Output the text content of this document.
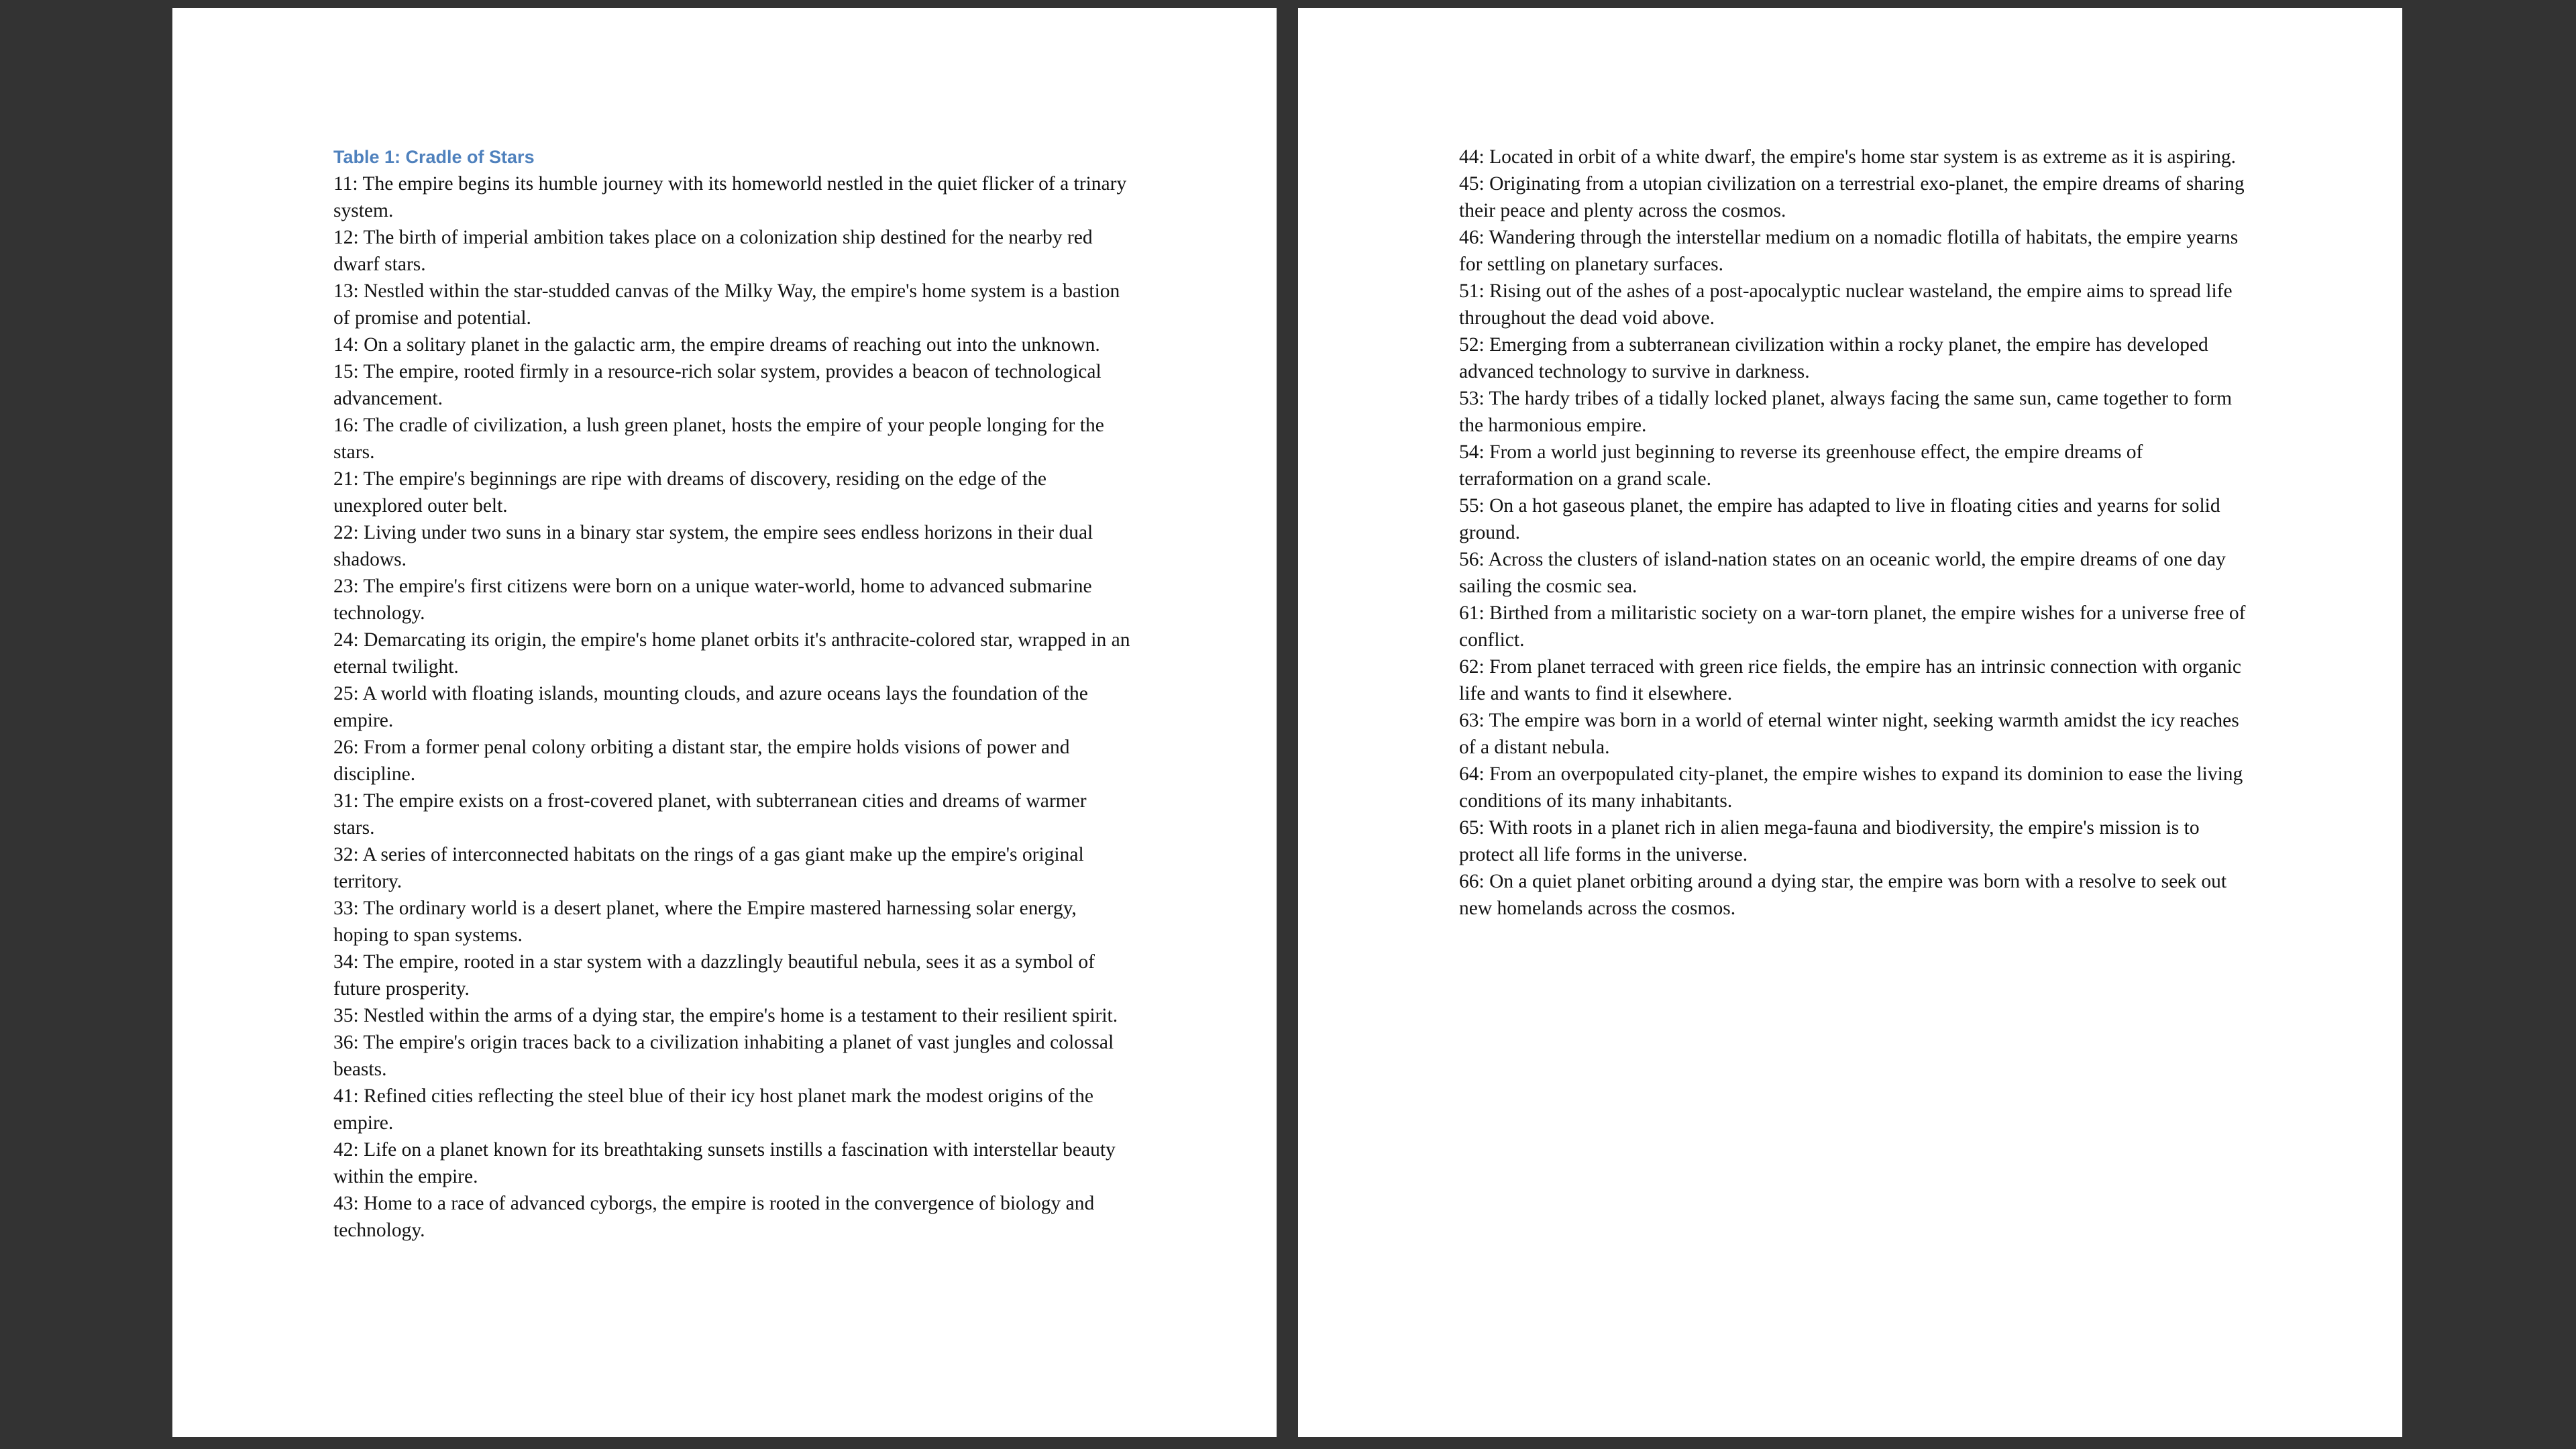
Table 1: Cradle of Stars

11: The empire begins its humble journey with its homeworld nestled in the quiet flicker of a trinary system.

12: The birth of imperial ambition takes place on a colonization ship destined for the nearby red dwarf stars.

13: Nestled within the star-studded canvas of the Milky Way, the empire's home system is a bastion of promise and potential.

14: On a solitary planet in the galactic arm, the empire dreams of reaching out into the unknown.

15: The empire, rooted firmly in a resource-rich solar system, provides a beacon of technological advancement.

16: The cradle of civilization, a lush green planet, hosts the empire of your people longing for the stars.

21: The empire's beginnings are ripe with dreams of discovery, residing on the edge of the unexplored outer belt.

22: Living under two suns in a binary star system, the empire sees endless horizons in their dual shadows.

23: The empire's first citizens were born on a unique water-world, home to advanced submarine technology.

24: Demarcating its origin, the empire's home planet orbits it's anthracite-colored star, wrapped in an eternal twilight.

25: A world with floating islands, mounting clouds, and azure oceans lays the foundation of the empire.

26: From a former penal colony orbiting a distant star, the empire holds visions of power and discipline.

31: The empire exists on a frost-covered planet, with subterranean cities and dreams of warmer stars.

32: A series of interconnected habitats on the rings of a gas giant make up the empire's original territory.

33: The ordinary world is a desert planet, where the Empire mastered harnessing solar energy, hoping to span systems.

34: The empire, rooted in a star system with a dazzlingly beautiful nebula, sees it as a symbol of future prosperity.

35: Nestled within the arms of a dying star, the empire's home is a testament to their resilient spirit.

36: The empire's origin traces back to a civilization inhabiting a planet of vast jungles and colossal beasts.

41: Refined cities reflecting the steel blue of their icy host planet mark the modest origins of the empire.

42: Life on a planet known for its breathtaking sunsets instills a fascination with interstellar beauty within the empire.

43: Home to a race of advanced cyborgs, the empire is rooted in the convergence of biology and technology.

44: Located in orbit of a white dwarf, the empire's home star system is as extreme as it is aspiring.

45: Originating from a utopian civilization on a terrestrial exo-planet, the empire dreams of sharing their peace and plenty across the cosmos.

46: Wandering through the interstellar medium on a nomadic flotilla of habitats, the empire yearns for settling on planetary surfaces.

51: Rising out of the ashes of a post-apocalyptic nuclear wasteland, the empire aims to spread life throughout the dead void above.

52: Emerging from a subterranean civilization within a rocky planet, the empire has developed advanced technology to survive in darkness.

53: The hardy tribes of a tidally locked planet, always facing the same sun, came together to form the harmonious empire.

54: From a world just beginning to reverse its greenhouse effect, the empire dreams of terraformation on a grand scale.

55: On a hot gaseous planet, the empire has adapted to live in floating cities and yearns for solid ground.

56: Across the clusters of island-nation states on an oceanic world, the empire dreams of one day sailing the cosmic sea.

61: Birthed from a militaristic society on a war-torn planet, the empire wishes for a universe free of conflict.

62: From planet terraced with green rice fields, the empire has an intrinsic connection with organic life and wants to find it elsewhere.

63: The empire was born in a world of eternal winter night, seeking warmth amidst the icy reaches of a distant nebula.

64: From an overpopulated city-planet, the empire wishes to expand its dominion to ease the living conditions of its many inhabitants.

65: With roots in a planet rich in alien mega-fauna and biodiversity, the empire's mission is to protect all life forms in the universe.

66: On a quiet planet orbiting around a dying star, the empire was born with a resolve to seek out new homelands across the cosmos.
